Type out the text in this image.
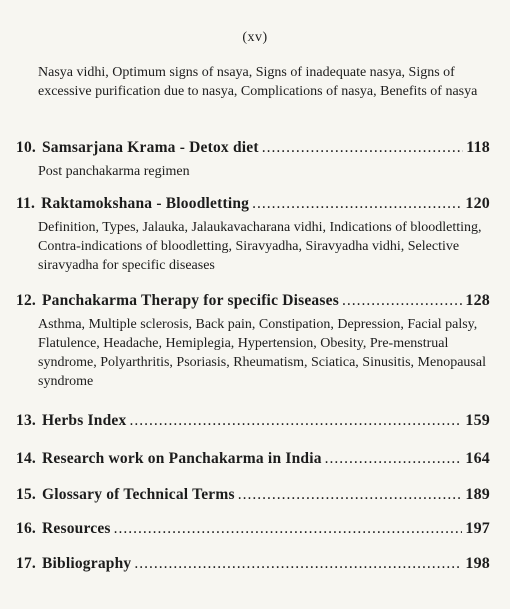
(xv)
Nasya vidhi, Optimum signs of nsaya, Signs of inadequate nasya, Signs of excessive purification due to nasya, Complications of nasya, Benefits of nasya
10. Samsarjana Krama - Detox diet .....	118
Post panchakarma regimen
11. Raktamokshana - Bloodletting .....	120
Definition, Types, Jalauka, Jalaukavacharana vidhi, Indications of bloodletting, Contra-indications of bloodletting, Siravyadha, Siravyadha vidhi, Selective siravyadha for specific diseases
12. Panchakarma Therapy for specific Diseases .....	128
Asthma, Multiple sclerosis, Back pain, Constipation, Depression, Facial palsy, Flatulence, Headache, Hemiplegia, Hypertension, Obesity, Pre-menstrual syndrome, Polyarthritis, Psoriasis, Rheumatism, Sciatica, Sinusitis, Menopausal syndrome
13. Herbs Index .....	159
14. Research work on Panchakarma in India .....	164
15. Glossary of Technical Terms .....	189
16. Resources .....	197
17. Bibliography .....	198
